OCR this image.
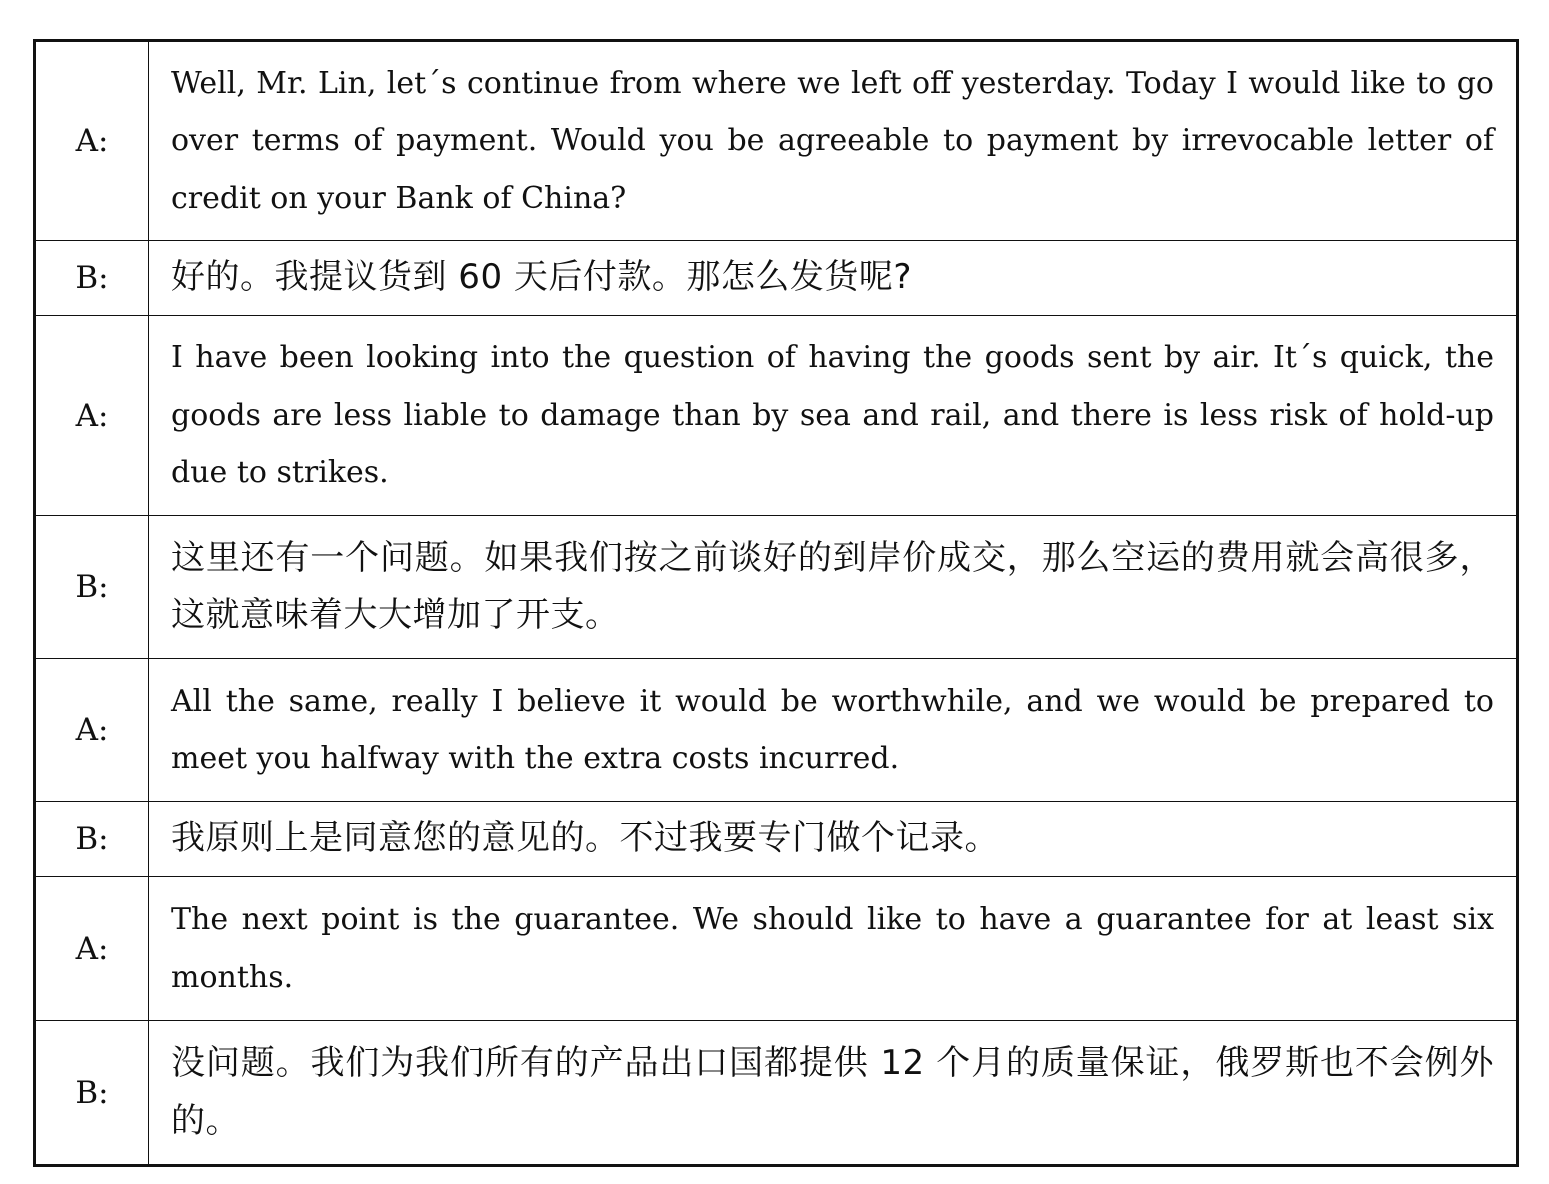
A:	Well, Mr. Lin, let´s continue from where we left off yesterday. Today I would like to go over terms of payment. Would you be agreeable to payment by irrevocable letter of credit on your Bank of China?
B:	好的。我提议货到 60 天后付款。那怎么发货呢?
A:	I have been looking into the question of having the goods sent by air. It´s quick, the goods are less liable to damage than by sea and rail, and there is less risk of hold-up due to strikes.
B:	这里还有一个问题。如果我们按之前谈好的到岸价成交，那么空运的费用就会高很多，这就意味着大大增加了开支。
A:	All the same, really I believe it would be worthwhile, and we would be prepared to meet you halfway with the extra costs incurred.
B:	我原则上是同意您的意见的。不过我要专门做个记录。
A:	The next point is the guarantee. We should like to have a guarantee for at least six months.
B:	没问题。我们为我们所有的产品出口国都提供 12 个月的质量保证，俄罗斯也不会例外的。
